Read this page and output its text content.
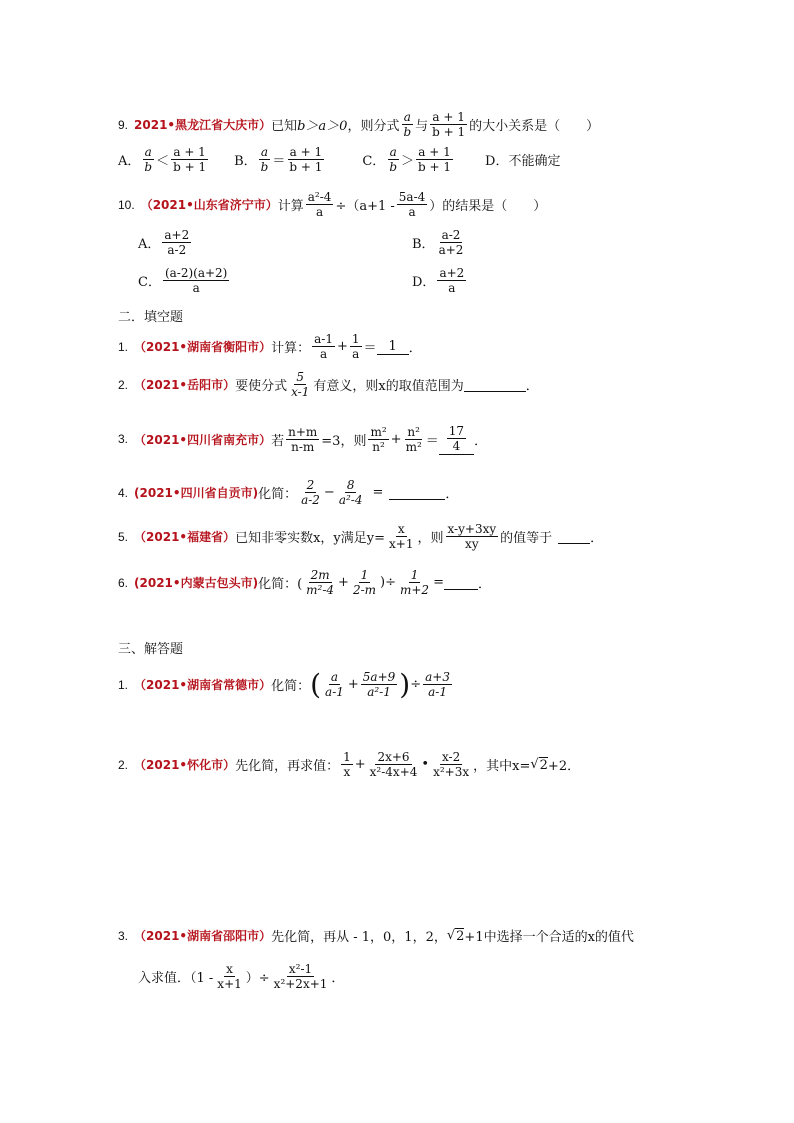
9. 2021•黑龙江省大庆市） 已知 b＞a＞0 ，则分式 $\frac{a}{b}$ 与 $\frac{a + 1}{b + 1}$ 的大小关系是（　　）
A． $\frac{a}{b} < \frac{a + 1}{b + 1}$ B． $\frac{a}{b} = \frac{a + 1}{b + 1}$	C． $\frac{a}{b} > \frac{a + 1}{b + 1}$ D． 不能确定
10. （2021•山东省济宁市） 计算 $\frac{\text{a²-4}}{a} \div(a+1 - \frac{5a-4}{a}$ ）的结果是（　　）
A． $\frac{a+2}{a-2}$	B． $\frac{a-2}{a+2}$
C． $\frac{(a-2)(a+2)}{a}$	D． $\frac{a+2}{a}$
二．填空题
1. （2021•湖南省衡阳市） 计算： $\frac{a-1}{a} + \frac{1}{a} = 1$ ．
2. （2021•岳阳市） 要使分式 $\frac{5}{x-1}$ 有意义，则x的取值范围为	．
3. （2021•四川省南充市） 若 $\frac{n+m}{n-m} =3$，则 $\frac{\text{m²}}{\text{n²}} + \frac{\text{n²}}{\text{m²}} = \frac{17}{4}$ ．
4. (2021•四川省自贡市) 化简： $\frac{2}{a-2} - \frac{8}{\text{a²-4}}$ =	．
5. （2021•福建省） 已知非零实数x，y满足$y= \frac{x}{x+1}$ ，则 $\frac{x-y+3xy}{xy}$ 的值等于	．
6. (2021•内蒙古包头市) 化简：( $\frac{2m}{\text{m²-4}} + \frac{1}{2-m}$ )÷ $\frac{1}{m+2}$ =	．
三、解答题
1. （2021•湖南省常德市） 化简： ( $\frac{a}{a-1} + \frac{5a+9}{\text{a²-1}}$ ) ÷ $\frac{a+3}{a-1}$
2. （2021•怀化市） 先化简，再求值： $\frac{1}{x} + \frac{2x+6}{\text{x²-4x+4}}$ • $\frac{x-2}{\text{x²+3x}}$ ，其中x= √ 2 +2．
3. （2021•湖南省邵阳市） 先化简，再从 - 1，0，1，2， √ 2 +1中选择一个合适的x的值代
入求值．（$1 - \frac{x}{x+1}$ ）÷ $\frac{\text{x²-1}}{\text{x²+2x+1}}$ ．
